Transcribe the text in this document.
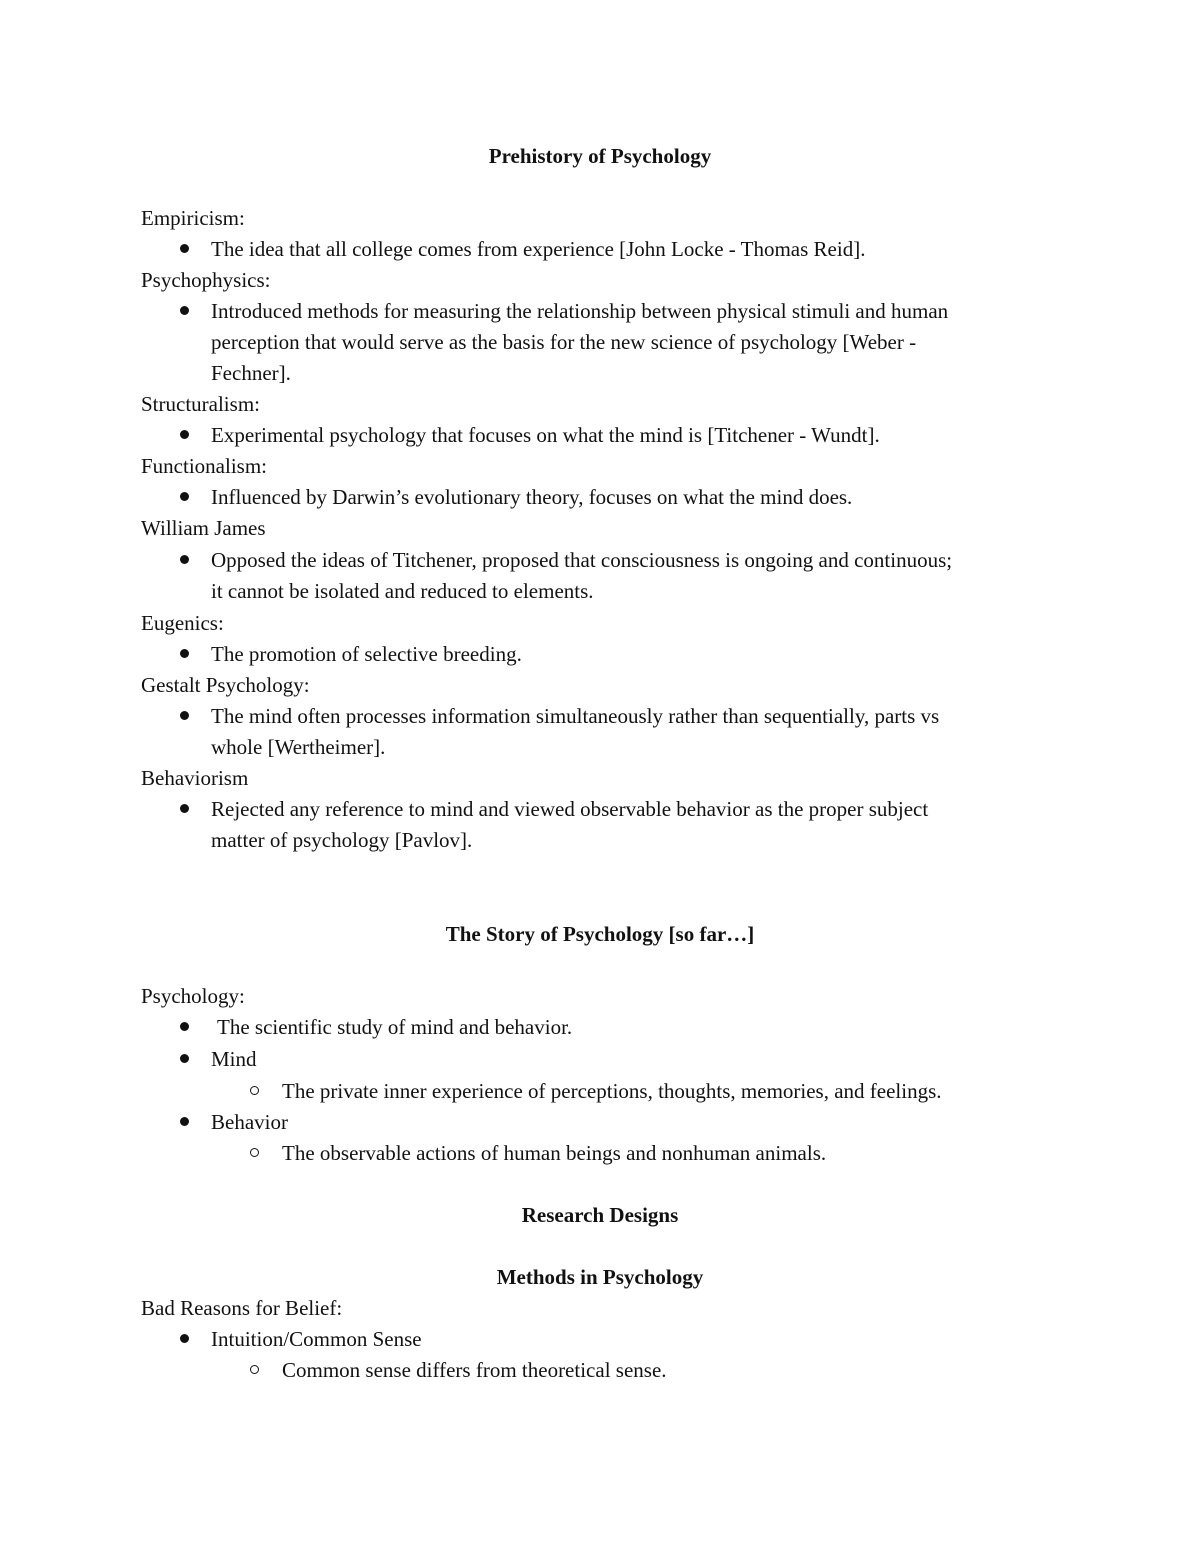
Prehistory of Psychology
Empiricism:
The idea that all college comes from experience [John Locke - Thomas Reid].
Psychophysics:
Introduced methods for measuring the relationship between physical stimuli and human
perception that would serve as the basis for the new science of psychology [Weber -
Fechner].
Structuralism:
Experimental psychology that focuses on what the mind is [Titchener - Wundt].
Functionalism:
Influenced by Darwin’s evolutionary theory, focuses on what the mind does.
William James
Opposed the ideas of Titchener, proposed that consciousness is ongoing and continuous;
it cannot be isolated and reduced to elements.
Eugenics:
The promotion of selective breeding.
Gestalt Psychology:
The mind often processes information simultaneously rather than sequentially, parts vs
whole [Wertheimer].
Behaviorism
Rejected any reference to mind and viewed observable behavior as the proper subject
matter of psychology [Pavlov].
The Story of Psychology [so far…]
Psychology:
The scientific study of mind and behavior.
Mind
The private inner experience of perceptions, thoughts, memories, and feelings.
Behavior
The observable actions of human beings and nonhuman animals.
Research Designs
Methods in Psychology
Bad Reasons for Belief:
Intuition/Common Sense
Common sense differs from theoretical sense.
